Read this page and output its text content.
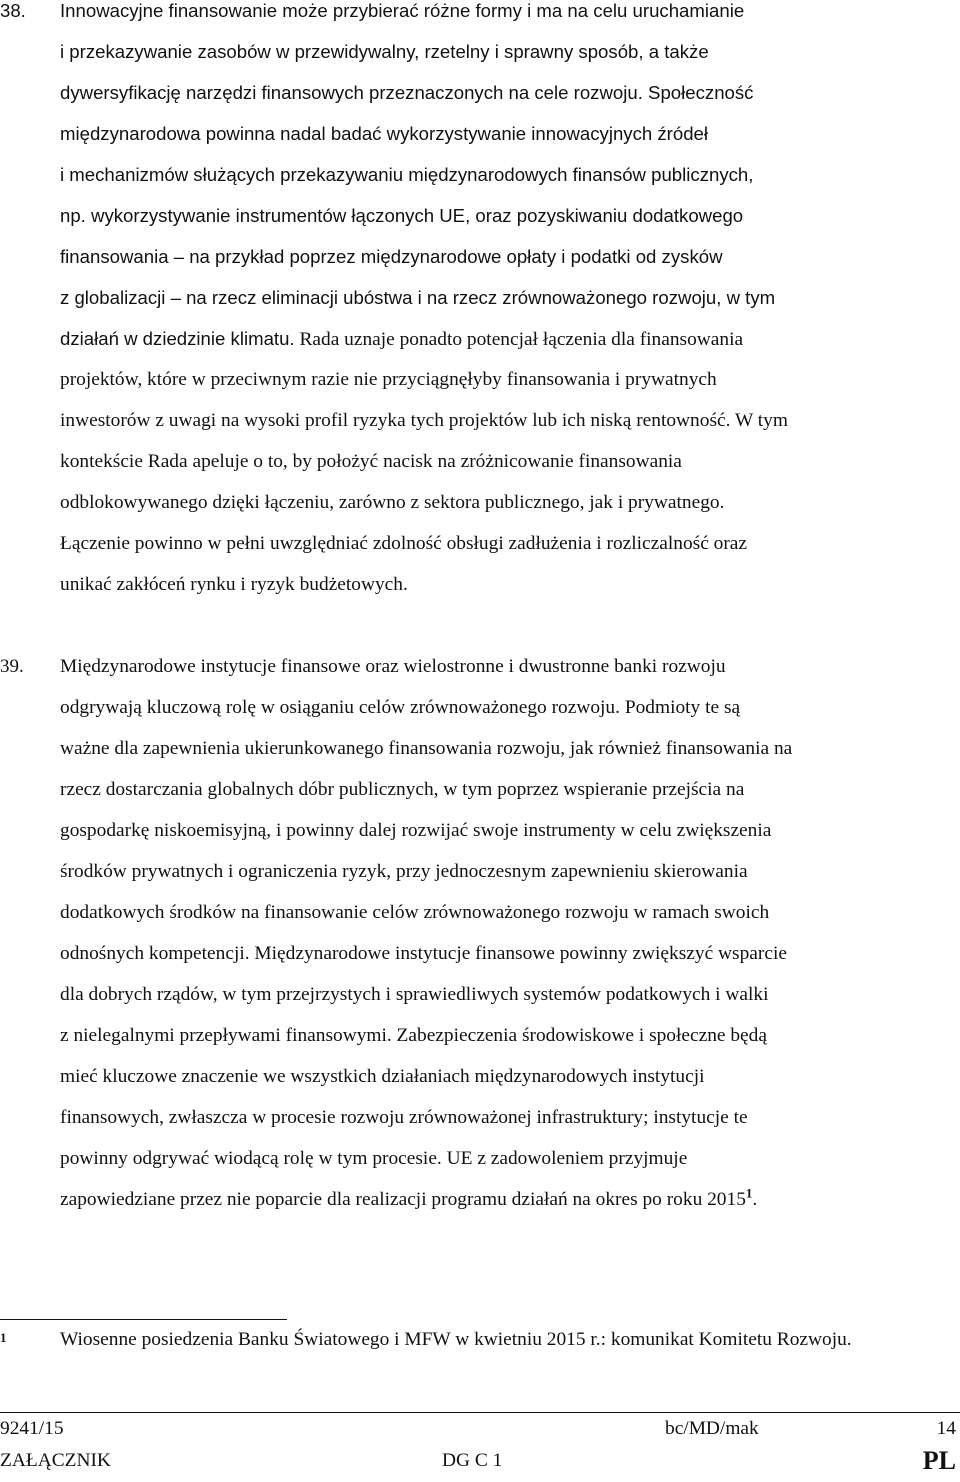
38. Innowacyjne finansowanie może przybierać różne formy i ma na celu uruchamianie
i przekazywanie zasobów w przewidywalny, rzetelny i sprawny sposób, a także
dywersyfikację narzędzi finansowych przeznaczonych na cele rozwoju. Społeczność
międzynarodowa powinna nadal badać wykorzystywanie innowacyjnych źródeł
i mechanizmów służących przekazywaniu międzynarodowych finansów publicznych,
np. wykorzystywanie instrumentów łączonych UE, oraz pozyskiwaniu dodatkowego
finansowania – na przykład poprzez międzynarodowe opłaty i podatki od zysków
z globalizacji – na rzecz eliminacji ubóstwa i na rzecz zrównoważonego rozwoju, w tym
działań w dziedzinie klimatu. Rada uznaje ponadto potencjał łączenia dla finansowania
projektów, które w przeciwnym razie nie przyciągnęłyby finansowania i prywatnych
inwestorów z uwagi na wysoki profil ryzyka tych projektów lub ich niską rentowność. W tym
kontekście Rada apeluje o to, by położyć nacisk na zróżnicowanie finansowania
odblokowywanego dzięki łączeniu, zarówno z sektora publicznego, jak i prywatnego.
Łączenie powinno w pełni uwzględniać zdolność obsługi zadłużenia i rozliczalność oraz
unikać zakłóceń rynku i ryzyk budżetowych.
39. Międzynarodowe instytucje finansowe oraz wielostronne i dwustronne banki rozwoju
odgrywają kluczową rolę w osiąganiu celów zrównoważonego rozwoju. Podmioty te są
ważne dla zapewnienia ukierunkowanego finansowania rozwoju, jak również finansowania na
rzecz dostarczania globalnych dóbr publicznych, w tym poprzez wspieranie przejścia na
gospodarkę niskoemisyjną, i powinny dalej rozwijać swoje instrumenty w celu zwiększenia
środków prywatnych i ograniczenia ryzyk, przy jednoczesnym zapewnieniu skierowania
dodatkowych środków na finansowanie celów zrównoważonego rozwoju w ramach swoich
odnośnych kompetencji. Międzynarodowe instytucje finansowe powinny zwiększyć wsparcie
dla dobrych rządów, w tym przejrzystych i sprawiedliwych systemów podatkowych i walki
z nielegalnymi przepływami finansowymi. Zabezpieczenia środowiskowe i społeczne będą
mieć kluczowe znaczenie we wszystkich działaniach międzynarodowych instytucji
finansowych, zwłaszcza w procesie rozwoju zrównoważonej infrastruktury; instytucje te
powinny odgrywać wiodącą rolę w tym procesie. UE z zadowoleniem przyjmuje
zapowiedziane przez nie poparcie dla realizacji programu działań na okres po roku 2015$^1$.
1	Wiosenne posiedzenia Banku Światowego i MFW w kwietniu 2015 r.: komunikat Komitetu Rozwoju.
9241/15	bc/MD/mak	14
ZAŁĄCZNIK	DG C 1	PL
